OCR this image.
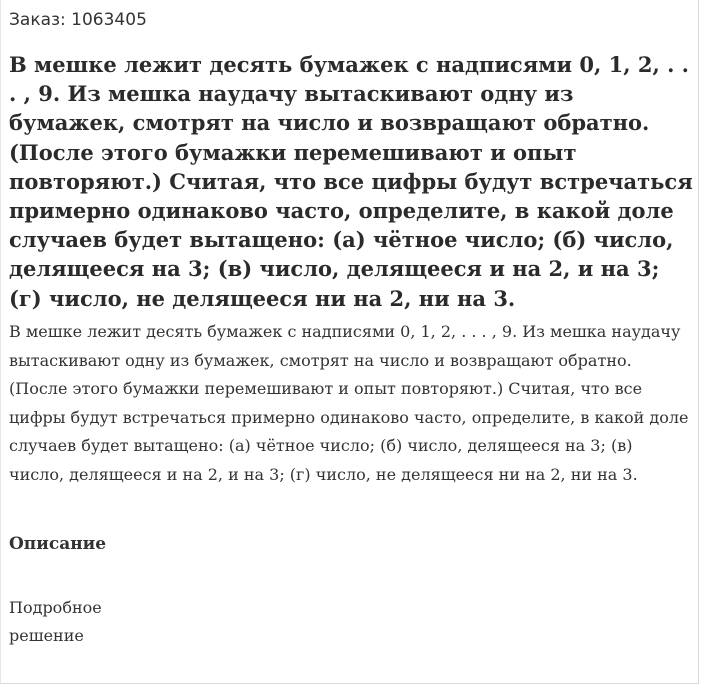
Заказ: 1063405
В мешке лежит десять бумажек с надписями 0, 1, 2, . . . , 9. Из мешка наудачу вытаскивают одну из бумажек, смотрят на число и возвращают обратно. (После этого бумажки перемешивают и опыт повторяют.) Считая, что все цифры будут встречаться примерно одинаково часто, определите, в какой доле случаев будет вытащено: (а) чётное число; (б) число, делящееся на 3; (в) число, делящееся и на 2, и на 3; (г) число, не делящееся ни на 2, ни на 3.

В мешке лежит десять бумажек с надписями 0, 1, 2, . . . , 9. Из мешка наудачу вытаскивают одну из бумажек, смотрят на число и возвращают обратно. (После этого бумажки перемешивают и опыт повторяют.) Считая, что все цифры будут встречаться примерно одинаково часто, определите, в какой доле случаев будет вытащено: (а) чётное число; (б) число, делящееся на 3; (в) число, делящееся и на 2, и на 3; (г) число, не делящееся ни на 2, ни на 3.

Описание
Подробное решение
